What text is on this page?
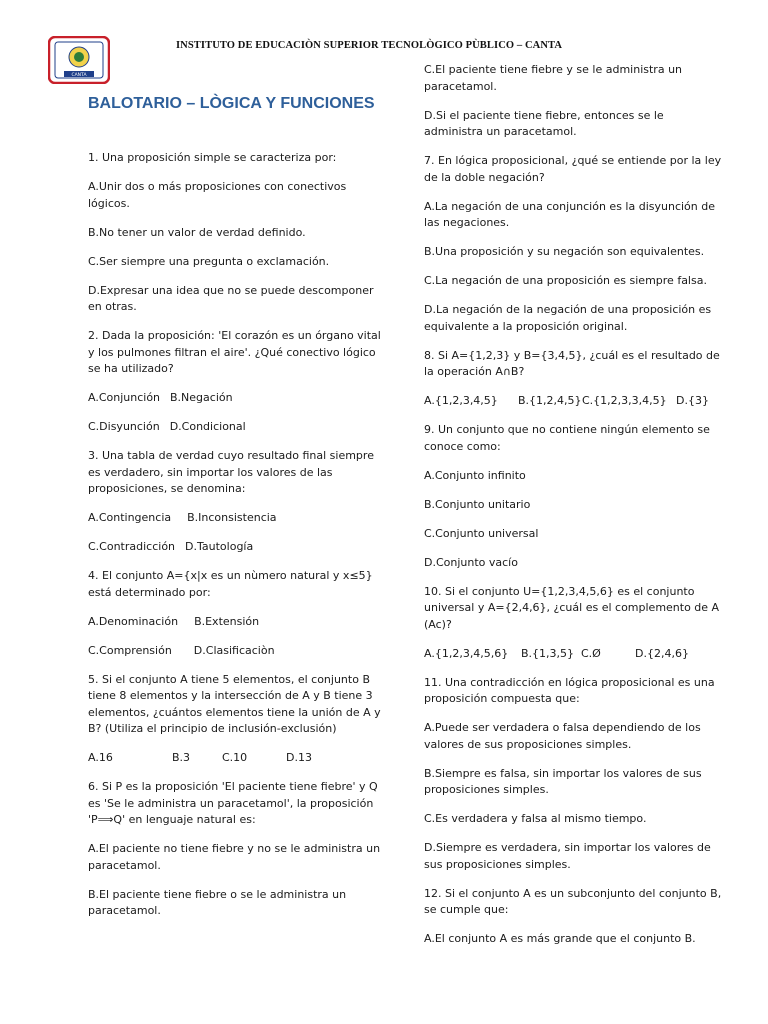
CANTA
INSTITUTO DE EDUCACIÒN SUPERIOR TECNOLÒGICO PÙBLICO – CANTA
BALOTARIO – LÒGICA Y FUNCIONES

1. Una proposición simple se caracteriza por:

A.Unir dos o más proposiciones con conectivos lógicos.

B.No tener un valor de verdad definido.

C.Ser siempre una pregunta o exclamación.

D.Expresar una idea que no se puede descomponer en otras.

2. Dada la proposición: 'El corazón es un órgano vital y los pulmones filtran el aire'. ¿Qué conectivo lógico se ha utilizado?

A.Conjunción B.Negación
C.Disyunción D.Condicional

3. Una tabla de verdad cuyo resultado final siempre es verdadero, sin importar los valores de las proposiciones, se denomina:

A.Contingencia B.Inconsistencia
C.Contradicción D.Tautología

4. El conjunto A={x|x es un nùmero natural y x≤5} está determinado por:

A.Denominación B.Extensión
C.Comprensión D.Clasificaciòn

5. Si el conjunto A tiene 5 elementos, el conjunto B tiene 8 elementos y la intersección de A y B tiene 3 elementos, ¿cuántos elementos tiene la unión de A y B? (Utiliza el principio de inclusión-exclusión)

A.16	B.3	C.10	D.13

6. Si P es la proposición 'El paciente tiene fiebre' y Q es 'Se le administra un paracetamol', la proposición 'P⟹Q' en lenguaje natural es:

A.El paciente no tiene fiebre y no se le administra un paracetamol.

B.El paciente tiene fiebre o se le administra un paracetamol.

C.El paciente tiene fiebre y se le administra un paracetamol.

D.Si el paciente tiene fiebre, entonces se le administra un paracetamol.

7. En lógica proposicional, ¿qué se entiende por la ley de la doble negación?

A.La negación de una conjunción es la disyunción de las negaciones.

B.Una proposición y su negación son equivalentes.

C.La negación de una proposición es siempre falsa.

D.La negación de la negación de una proposición es equivalente a la proposición original.

8. Si A={1,2,3} y B={3,4,5}, ¿cuál es el resultado de la operación A∩B?

A.{1,2,3,4,5}	B.{1,2,4,5} C.{1,2,3,3,4,5} D.{3}

9. Un conjunto que no contiene ningún elemento se conoce como:

A.Conjunto infinito

B.Conjunto unitario

C.Conjunto universal

D.Conjunto vacío

10. Si el conjunto U={1,2,3,4,5,6} es el conjunto universal y A={2,4,6}, ¿cuál es el complemento de A (Ac)?

A.{1,2,3,4,5,6}	B.{1,3,5} C.Ø	D.{2,4,6}

11. Una contradicción en lógica proposicional es una proposición compuesta que:

A.Puede ser verdadera o falsa dependiendo de los valores de sus proposiciones simples.

B.Siempre es falsa, sin importar los valores de sus proposiciones simples.

C.Es verdadera y falsa al mismo tiempo.

D.Siempre es verdadera, sin importar los valores de sus proposiciones simples.

12. Si el conjunto A es un subconjunto del conjunto B, se cumple que:

A.El conjunto A es más grande que el conjunto B.
